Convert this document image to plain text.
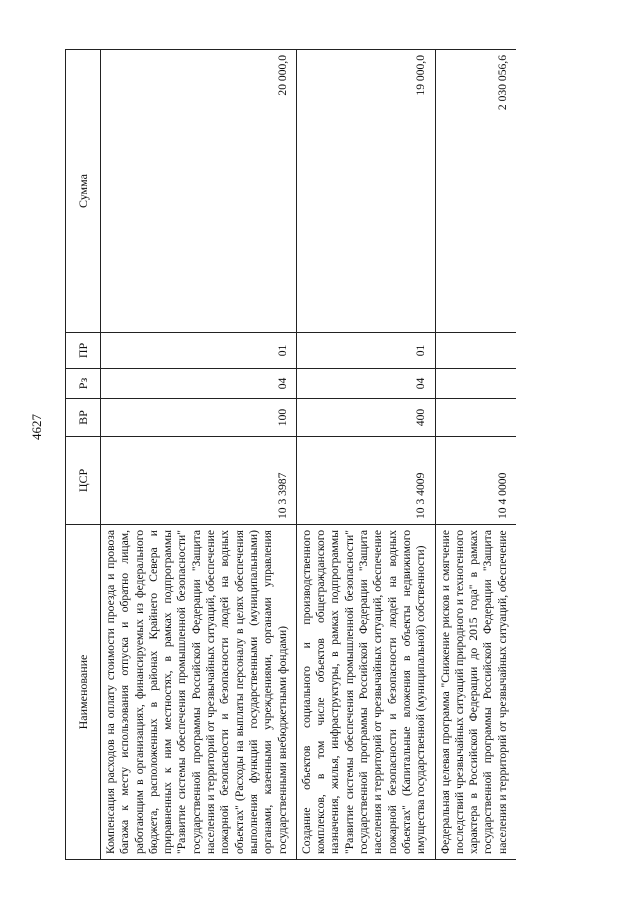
4627
Наименование	ЦСР	ВР	Рз	ПР	Сумма
Компенсация расходов на оплату стоимости проезда и провоза багажа к месту использования отпуска и обратно лицам, работающим в организациях, финансируемых из федерального бюджета, расположенных в районах Крайнего Севера и приравненных к ним местностях, в рамках подпрограммы "Развитие системы обеспечения промышленной безопасности" государственной программы Российской Федерации "Защита населения и территорий от чрезвычайных ситуаций, обеспечение пожарной безопасности и безопасности людей на водных объектах" (Расходы на выплаты персоналу в целях обеспечения выполнения функций государственными (муниципальными) органами, казенными учреждениями, органами управления государственными внебюджетными фондами)	10 3 3987	100	04	01	20 000,0
Создание объектов социального и производственного комплексов, в том числе объектов общегражданского назначения, жилья, инфраструктуры, в рамках подпрограммы "Развитие системы обеспечения промышленной безопасности" государственной программы Российской Федерации "Защита населения и территорий от чрезвычайных ситуаций, обеспечение пожарной безопасности и безопасности людей на водных объектах" (Капитальные вложения в объекты недвижимого имущества государственной (муниципальной) собственности)	10 3 4009	400	04	01	19 000,0
Федеральная целевая программа "Снижение рисков и смягчение последствий чрезвычайных ситуаций природного и техногенного характера в Российской Федерации до 2015 года" в рамках государственной программы Российской Федерации "Защита населения и территорий от чрезвычайных ситуаций, обеспечение	10 4 0000				2 030 056,6
